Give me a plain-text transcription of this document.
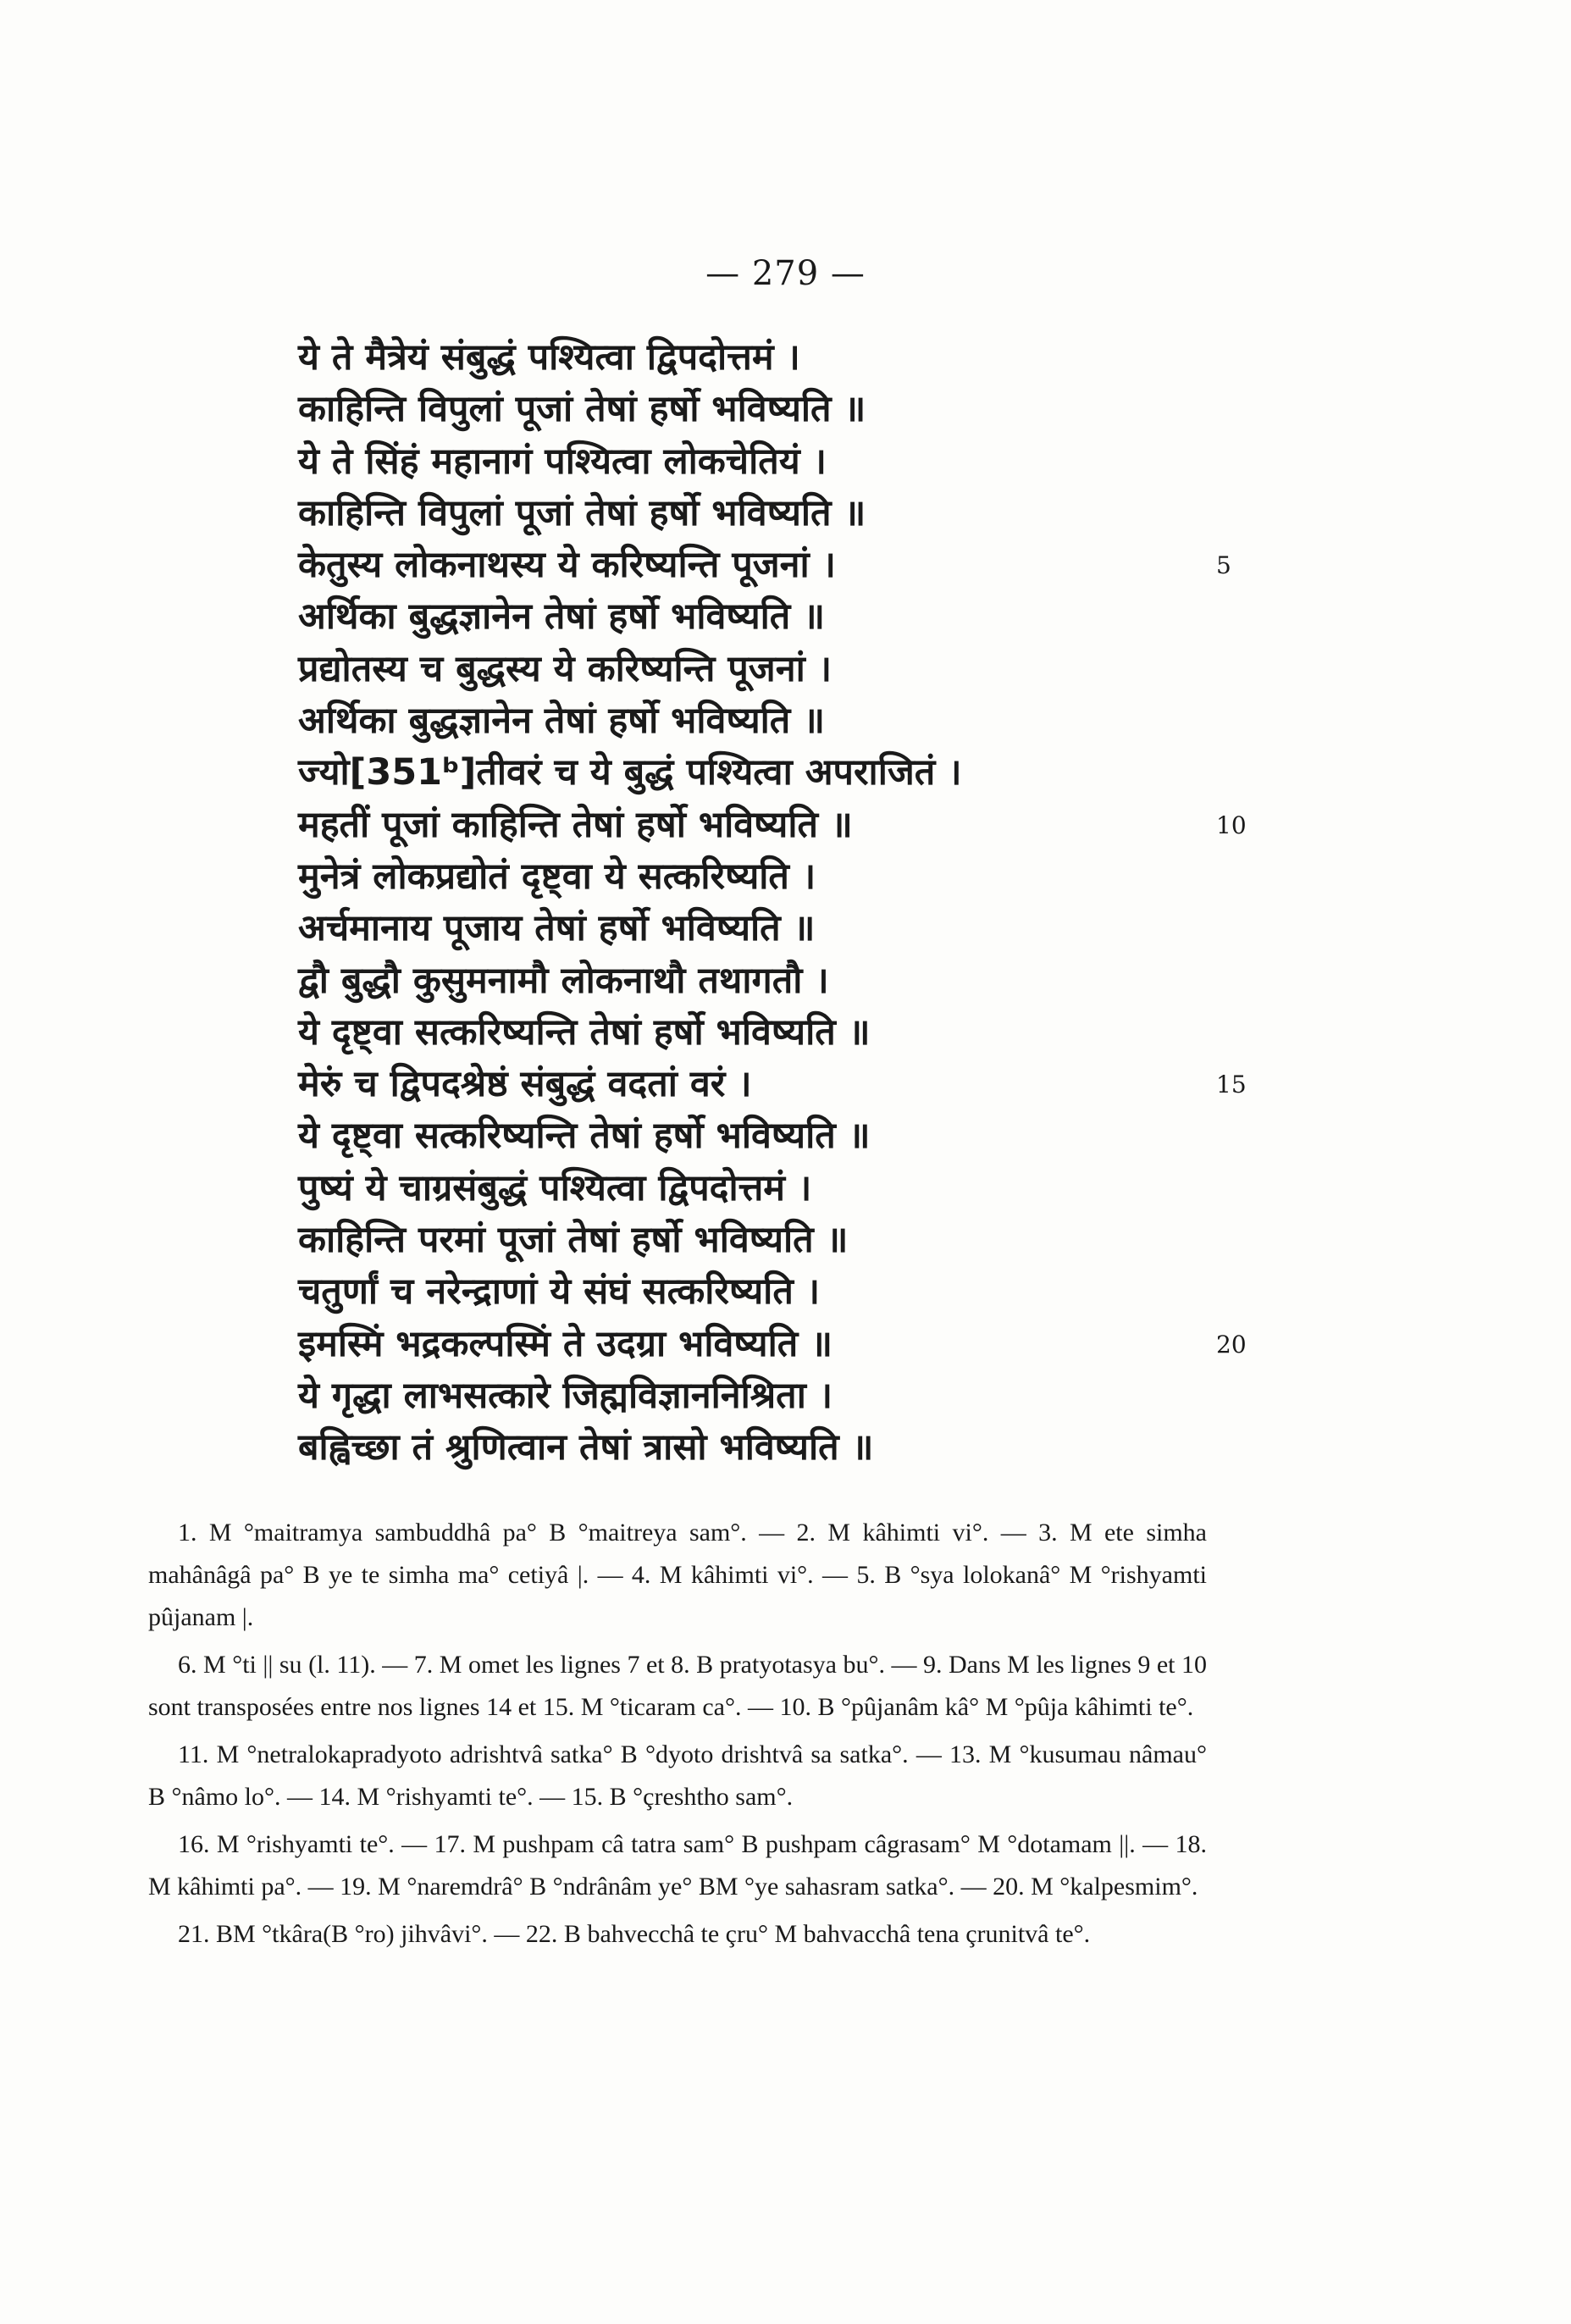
— 279 —
ये ते मैत्रेयं संबुद्धं पश्यित्वा द्विपदोत्तमं ।
काहिन्ति विपुलां पूजां तेषां हर्षो भविष्यति ॥
ये ते सिंहं महानागं पश्यित्वा लोकचेतियं ।
काहिन्ति विपुलां पूजां तेषां हर्षो भविष्यति ॥
केतुस्य लोकनाथस्य ये करिष्यन्ति पूजनां ।	5
अर्थिका बुद्धज्ञानेन तेषां हर्षो भविष्यति ॥
प्रद्योतस्य च बुद्धस्य ये करिष्यन्ति पूजनां ।
अर्थिका बुद्धज्ञानेन तेषां हर्षो भविष्यति ॥
ज्यो[351ᵇ]तीवरं च ये बुद्धं पश्यित्वा अपराजितं ।
महतीं पूजां काहिन्ति तेषां हर्षो भविष्यति ॥	10
मुनेत्रं लोकप्रद्योतं दृष्ट्वा ये सत्करिष्यति ।
अर्चमानाय पूजाय तेषां हर्षो भविष्यति ॥
द्वौ बुद्धौ कुसुमनामौ लोकनाथौ तथागतौ ।
ये दृष्ट्वा सत्करिष्यन्ति तेषां हर्षो भविष्यति ॥
मेरुं च द्विपदश्रेष्ठं संबुद्धं वदतां वरं ।	15
ये दृष्ट्वा सत्करिष्यन्ति तेषां हर्षो भविष्यति ॥
पुष्यं ये चाग्रसंबुद्धं पश्यित्वा द्विपदोत्तमं ।
काहिन्ति परमां पूजां तेषां हर्षो भविष्यति ॥
चतुर्णां च नरेन्द्राणां ये संघं सत्करिष्यति ।
इमस्मिं भद्रकल्पस्मिं ते उदग्रा भविष्यति ॥	20
ये गृद्धा लाभसत्कारे जिह्मविज्ञाननिश्रिता ।
बह्विच्छा तं श्रुणित्वान तेषां त्रासो भविष्यति ॥

1. M °maitramya sambuddhâ pa° B °maitreya sam°. — 2. M kâhimti vi°. — 3. M ete simha mahânâgâ pa° B ye te simha ma° cetiyâ |. — 4. M kâhimti vi°. — 5. B °sya lolokanâ° M °rishyamti pûjanam |.

6. M °ti || su (l. 11). — 7. M omet les lignes 7 et 8. B pratyotasya bu°. — 9. Dans M les lignes 9 et 10 sont transposées entre nos lignes 14 et 15. M °ticaram ca°. — 10. B °pûjanâm kâ° M °pûja kâhimti te°.

11. M °netralokapradyoto adrishtvâ satka° B °dyoto drishtvâ sa satka°. — 13. M °kusumau nâmau° B °nâmo lo°. — 14. M °rishyamti te°. — 15. B °çreshtho sam°.

16. M °rishyamti te°. — 17. M pushpam câ tatra sam° B pushpam câgrasam° M °dotamam ||. — 18. M kâhimti pa°. — 19. M °naremdrâ° B °ndrânâm ye° BM °ye sahasram satka°. — 20. M °kalpesmim°.

21. BM °tkâra(B °ro) jihvâvi°. — 22. B bahvecchâ te çru° M bahvacchâ tena çrunitvâ te°.
